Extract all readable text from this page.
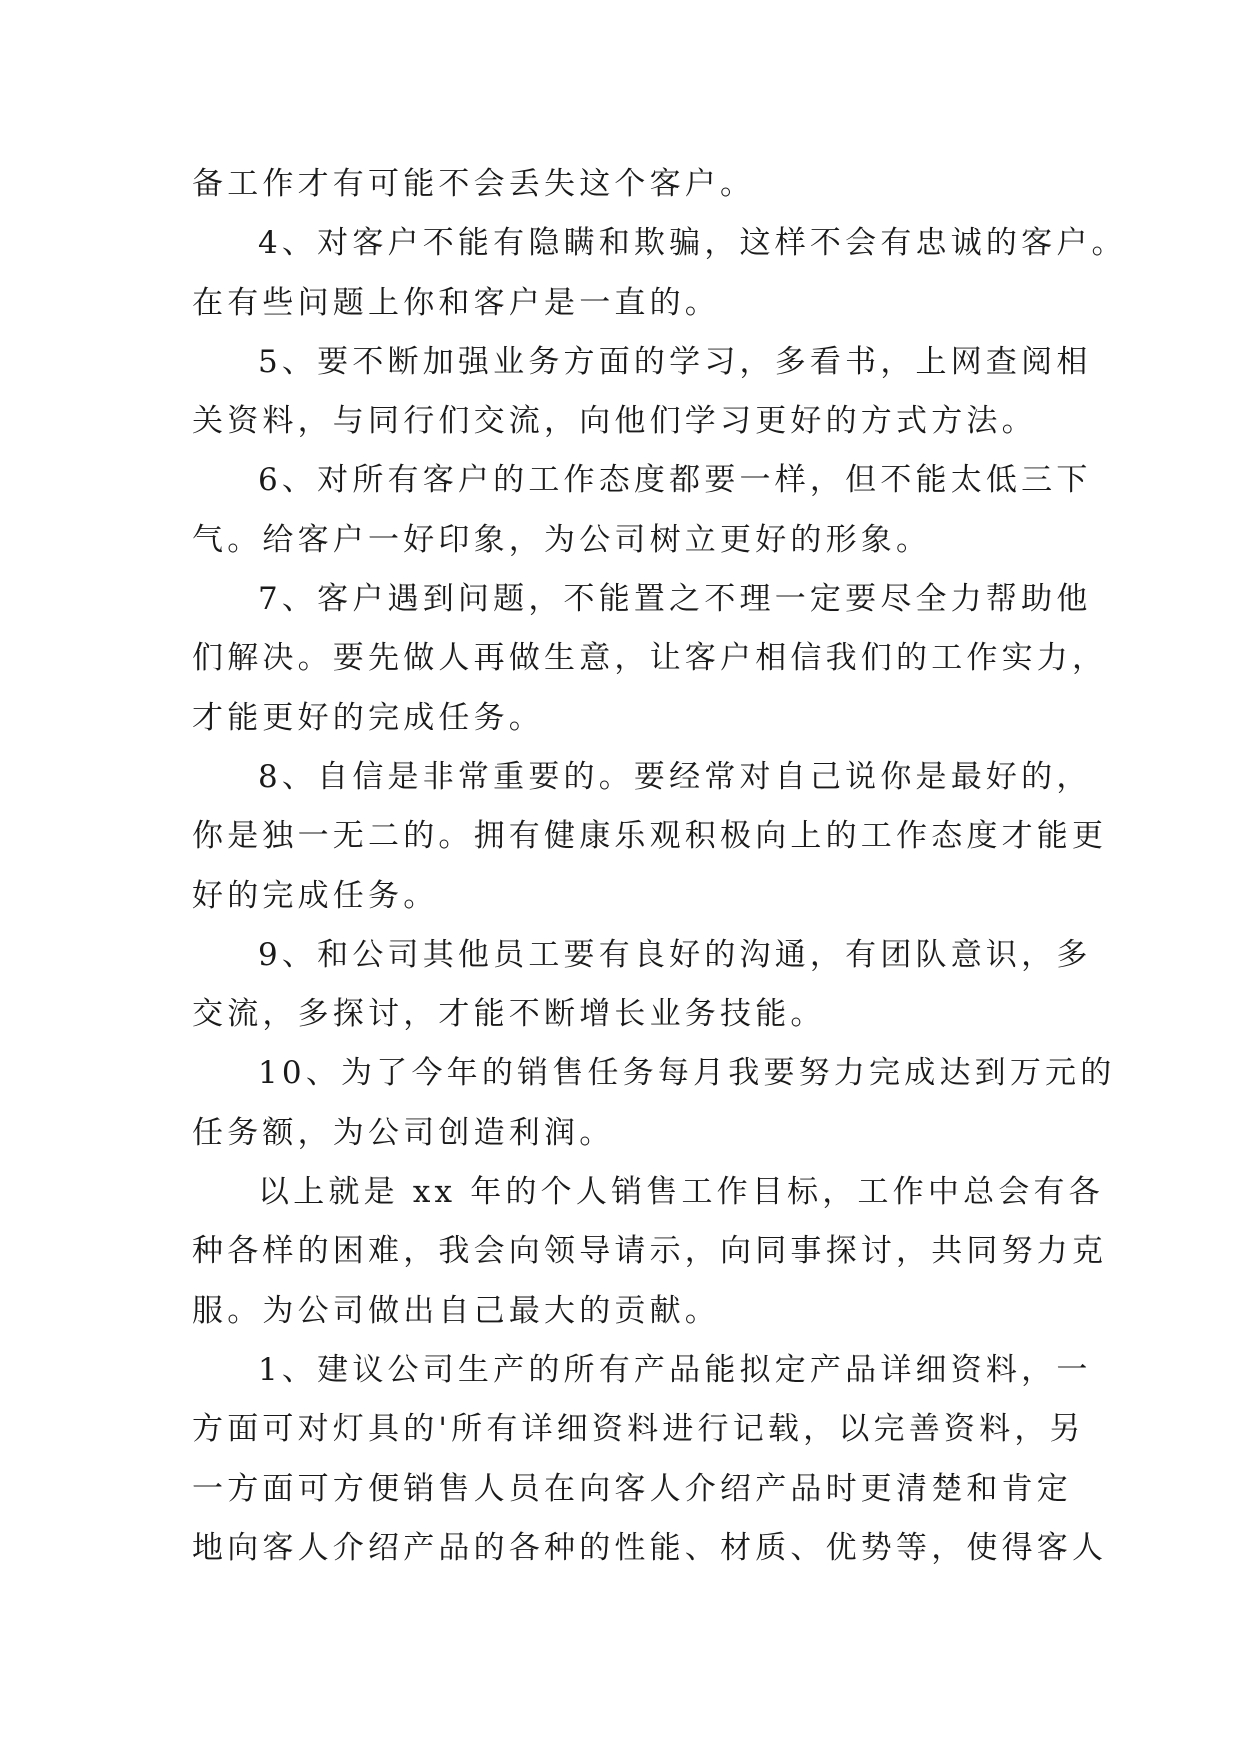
备工作才有可能不会丢失这个客户。
4、对客户不能有隐瞒和欺骗，这样不会有忠诚的客户。
在有些问题上你和客户是一直的。
5、要不断加强业务方面的学习，多看书，上网查阅相
关资料，与同行们交流，向他们学习更好的方式方法。
6、对所有客户的工作态度都要一样，但不能太低三下
气。给客户一好印象，为公司树立更好的形象。
7、客户遇到问题，不能置之不理一定要尽全力帮助他
们解决。要先做人再做生意，让客户相信我们的工作实力，
才能更好的完成任务。
8、自信是非常重要的。要经常对自己说你是最好的，
你是独一无二的。拥有健康乐观积极向上的工作态度才能更
好的完成任务。
9、和公司其他员工要有良好的沟通，有团队意识，多
交流，多探讨，才能不断增长业务技能。
10、为了今年的销售任务每月我要努力完成达到万元的
任务额，为公司创造利润。
以上就是 xx 年的个人销售工作目标，工作中总会有各
种各样的困难，我会向领导请示，向同事探讨，共同努力克
服。为公司做出自己最大的贡献。
1、建议公司生产的所有产品能拟定产品详细资料，一
方面可对灯具的'所有详细资料进行记载，以完善资料，另
一方面可方便销售人员在向客人介绍产品时更清楚和肯定
地向客人介绍产品的各种的性能、材质、优势等，使得客人
